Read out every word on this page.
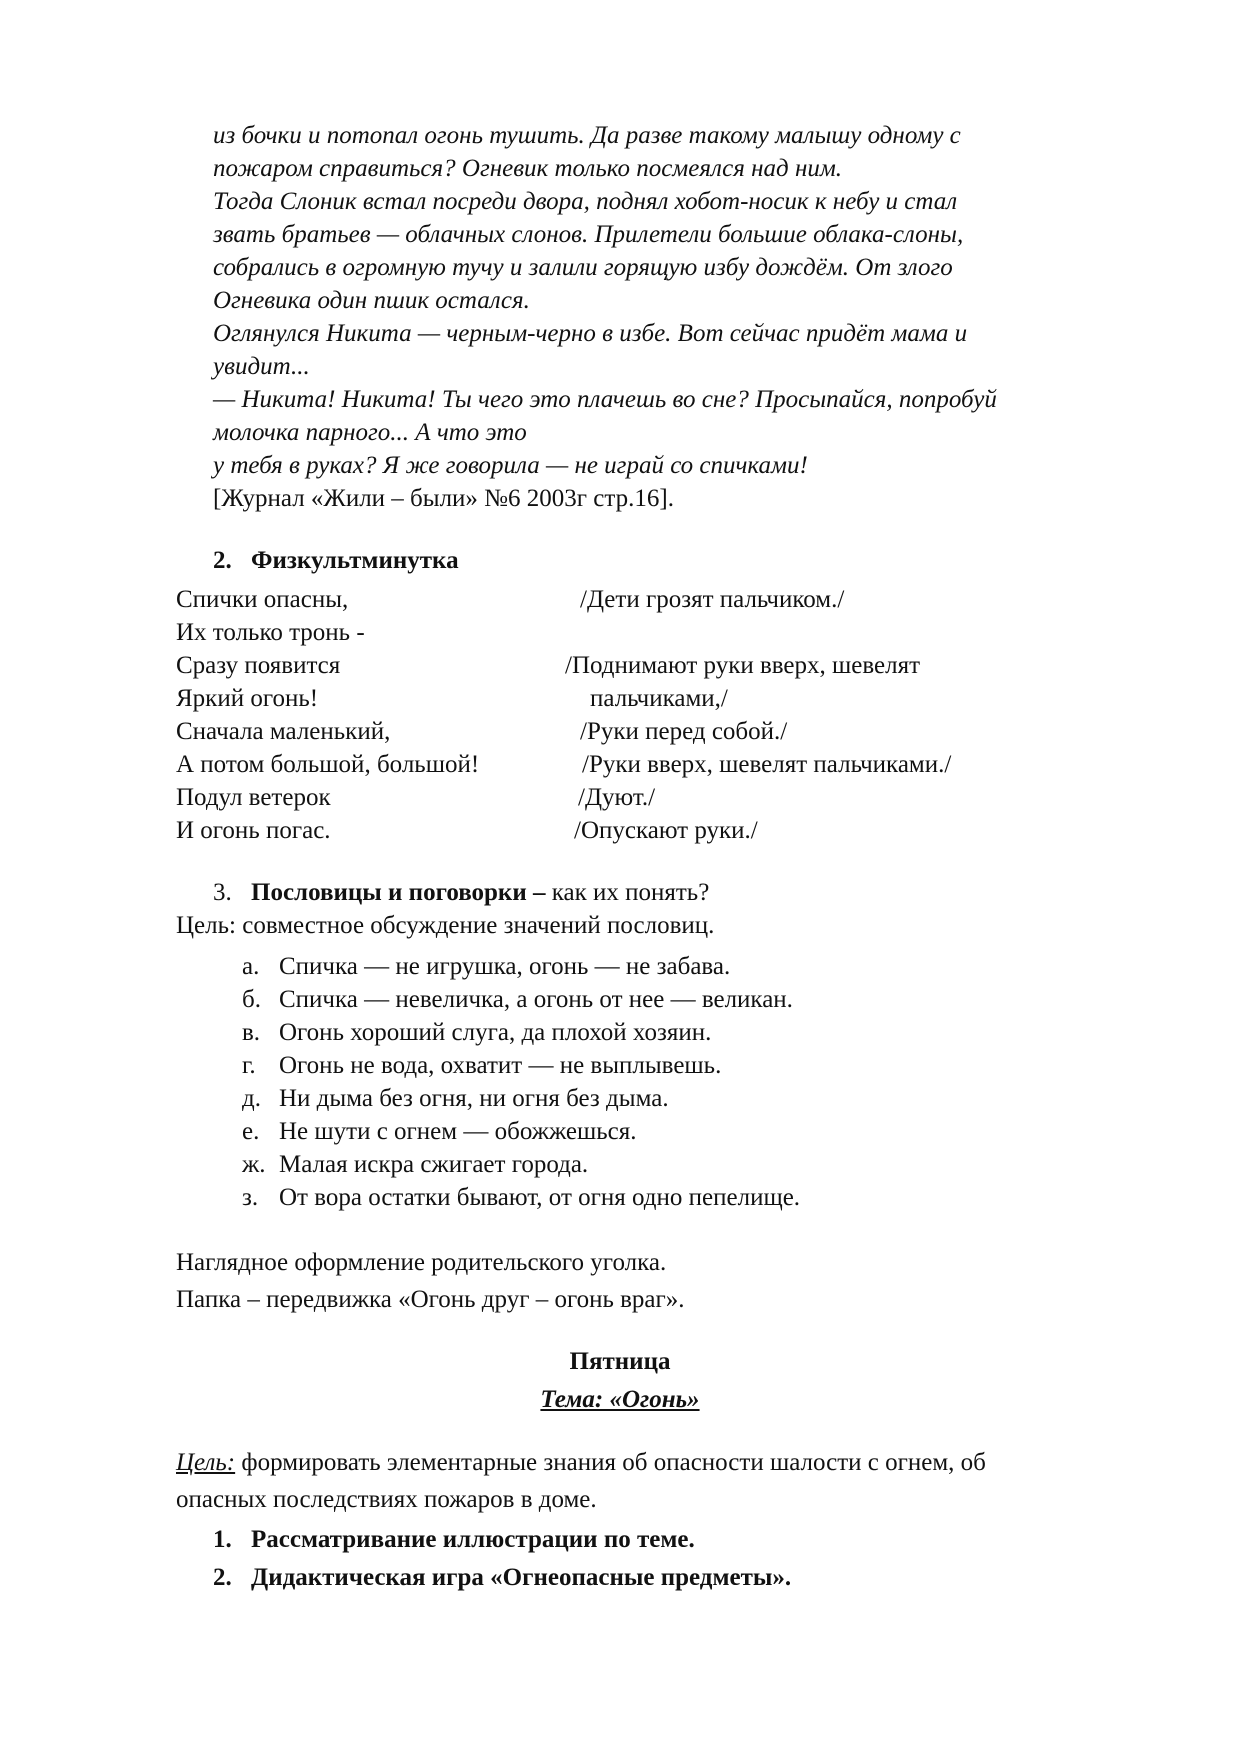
из бочки и потопал огонь тушить. Да разве такому малышу одному с
пожаром справиться? Огневик только посмеялся над ним.
Тогда Слоник встал посреди двора, поднял хобот-носик к небу и стал
звать братьев — облачных слонов. Прилетели большие облака-слоны,
собрались в огромную тучу и залили горящую избу дождём. От злого
Огневика один пшик остался.
Оглянулся Никита — черным-черно в избе. Вот сейчас придёт мама и
увидит...
— Никита! Никита! Ты чего это плачешь во сне? Просыпайся, попробуй
молочка парного... А что это
у тебя в руках? Я же говорила — не играй со спичками!
[Журнал «Жили – были» №6 2003г стр.16].
2. Физкультминутка
Спички опасны,	/Дети грозят пальчиком./
Их только тронь -
Сразу появится	/Поднимают руки вверх, шевелят
Яркий огонь!	пальчиками,/
Сначала маленький,	/Руки перед собой./
А потом большой, большой!	/Руки вверх, шевелят пальчиками./
Подул ветерок	/Дуют./
И огонь погас.	/Опускают руки./
3. Пословицы и поговорки – как их понять?
Цель: совместное обсуждение значений пословиц.
а. Спичка — не игрушка, огонь — не забава.
б. Спичка — невеличка, а огонь от нее — великан.
в. Огонь хороший слуга, да плохой хозяин.
г. Огонь не вода, охватит — не выплывешь.
д. Ни дыма без огня, ни огня без дыма.
е. Не шути с огнем — обожжешься.
ж. Малая искра сжигает города.
з. От вора остатки бывают, от огня одно пепелище.
Наглядное оформление родительского уголка.
Папка – передвижка «Огонь друг – огонь враг».
Пятница
Тема: «Огонь»
Цель: формировать элементарные знания об опасности шалости с огнем, об
опасных последствиях пожаров в доме.
1. Рассматривание иллюстрации по теме.
2. Дидактическая игра «Огнеопасные предметы».
